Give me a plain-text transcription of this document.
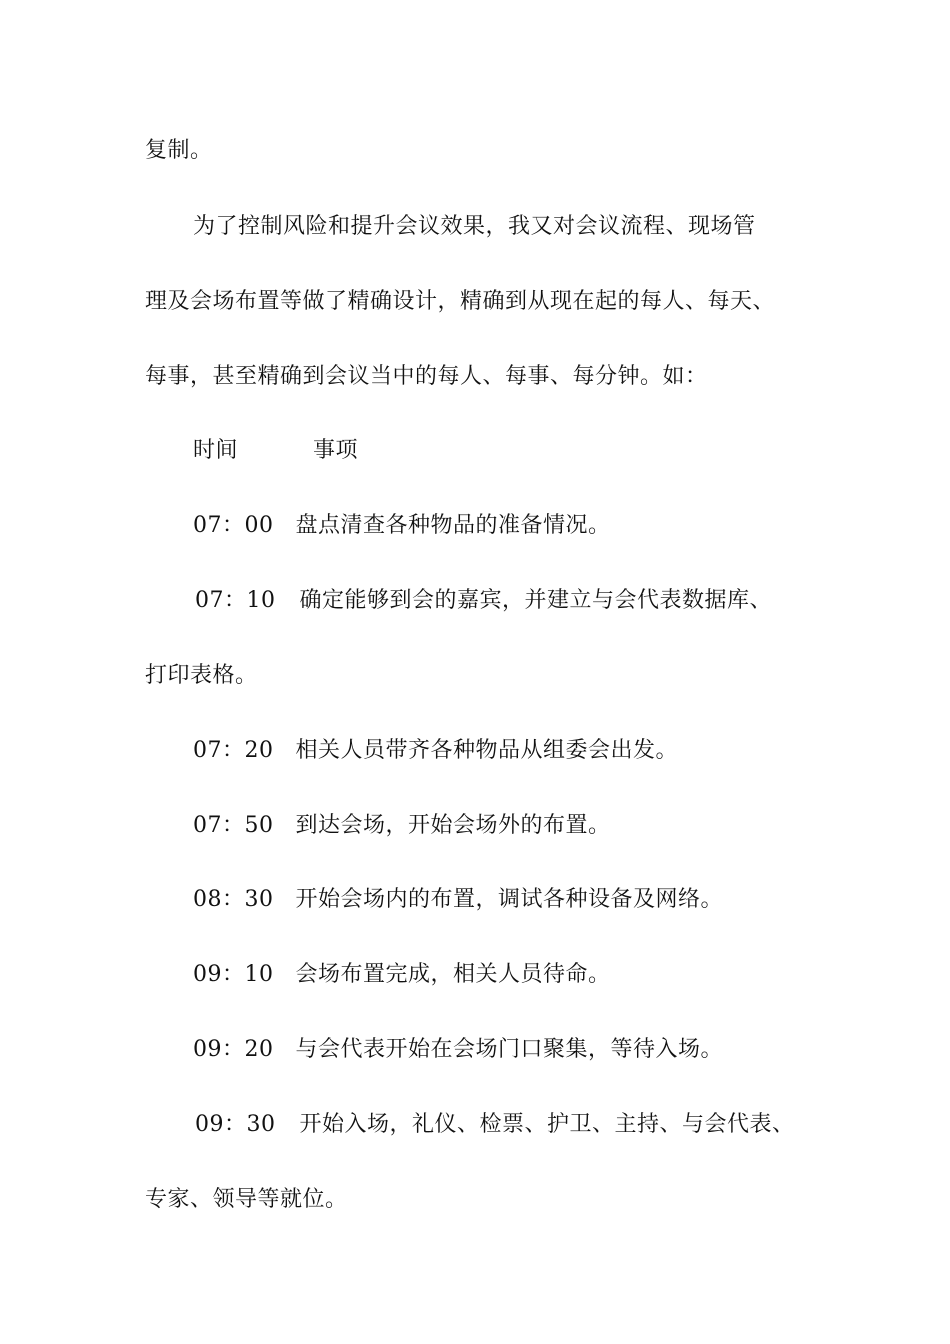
复制。
为了控制风险和提升会议效果，我又对会议流程、现场管
理及会场布置等做了精确设计，精确到从现在起的每人、每天、
每事，甚至精确到会议当中的每人、每事、每分钟。如：
时间	事项
07：00 盘点清查各种物品的准备情况。
07：10 确定能够到会的嘉宾，并建立与会代表数据库、
打印表格。
07：20 相关人员带齐各种物品从组委会出发。
07：50 到达会场，开始会场外的布置。
08：30 开始会场内的布置，调试各种设备及网络。
09：10 会场布置完成，相关人员待命。
09：20 与会代表开始在会场门口聚集，等待入场。
09：30 开始入场，礼仪、检票、护卫、主持、与会代表、
专家、领导等就位。
